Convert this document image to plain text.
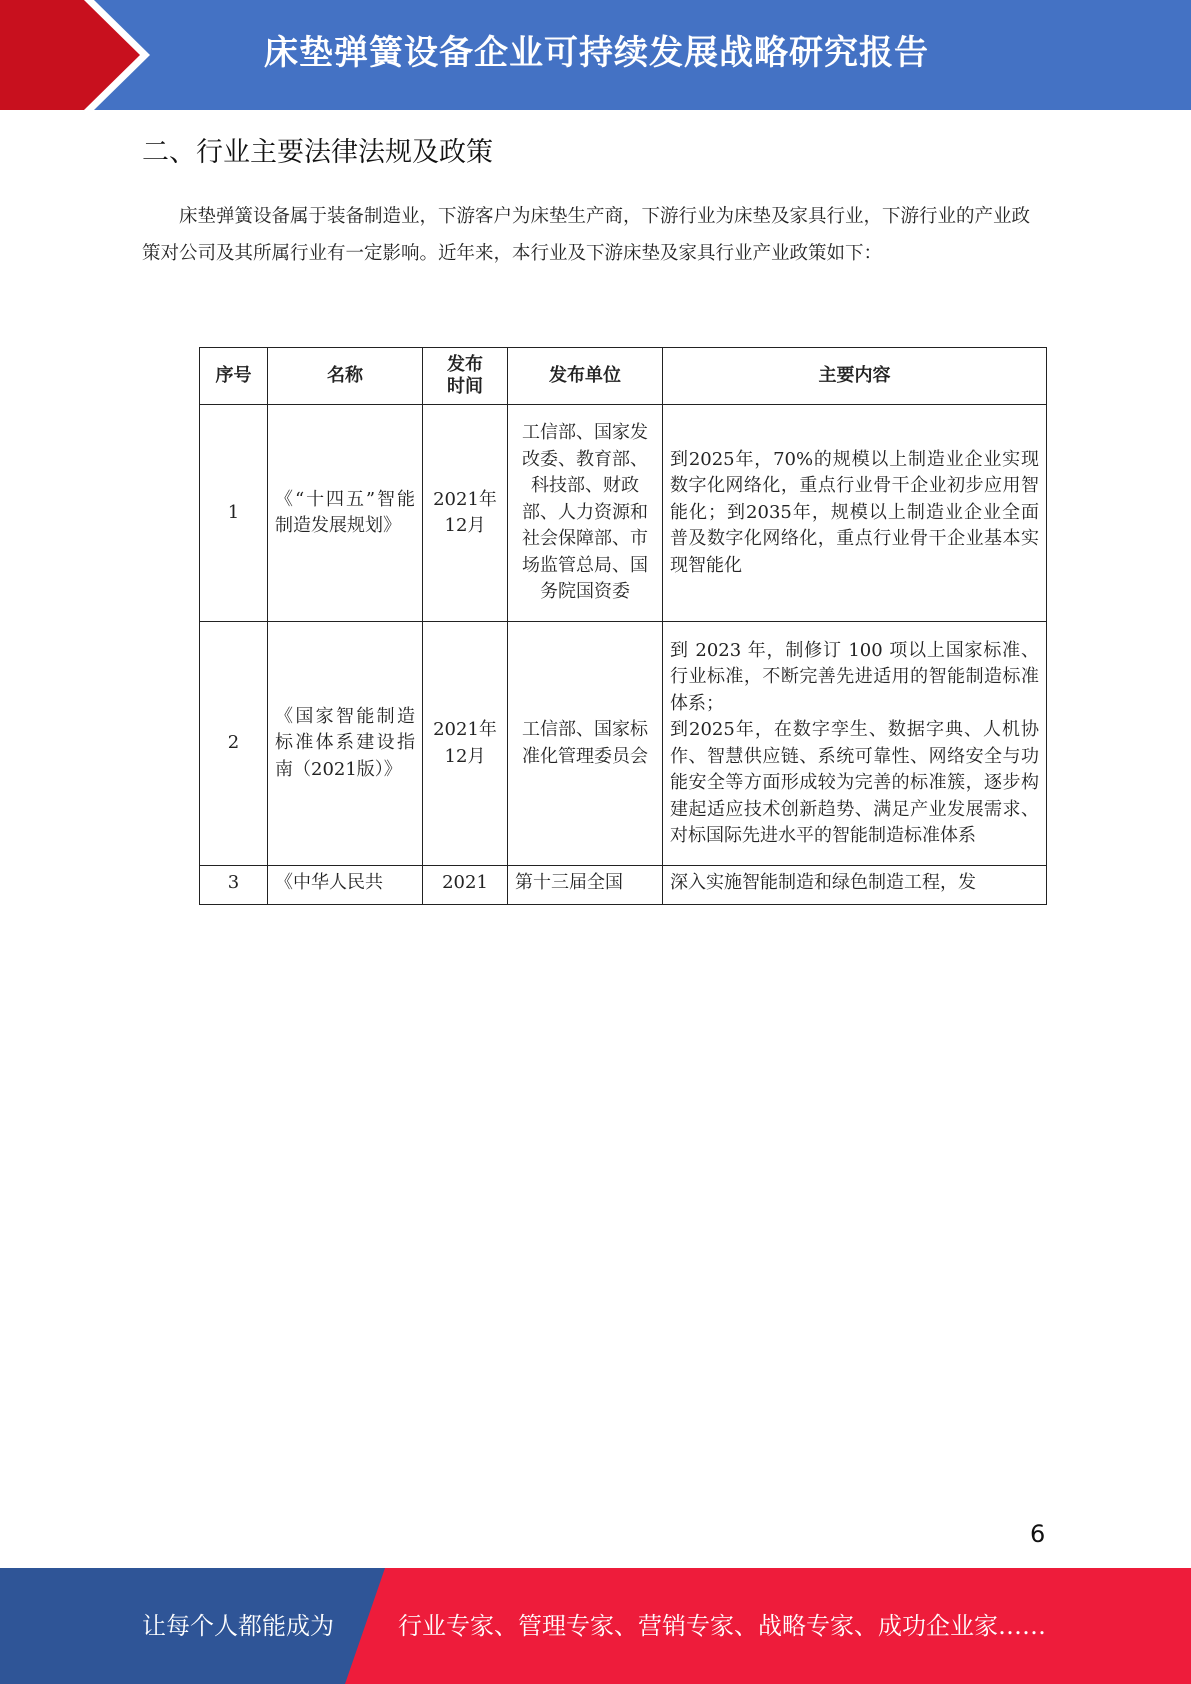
床垫弹簧设备企业可持续发展战略研究报告
二、行业主要法律法规及政策

床垫弹簧设备属于装备制造业，下游客户为床垫生产商，下游行业为床垫及家具行业，下游行业的产业政策对公司及其所属行业有一定影响。近年来，本行业及下游床垫及家具行业产业政策如下：

序号	名称	发布时间	发布单位	主要内容
1	《“十四五”智能制造发展规划》	2021年12月	工信部、国家发改委、教育部、科技部、财政部、人力资源和社会保障部、市场监管总局、国务院国资委	到2025年，70%的规模以上制造业企业实现数字化网络化，重点行业骨干企业初步应用智能化；到2035年，规模以上制造业企业全面普及数字化网络化，重点行业骨干企业基本实现智能化
2	《国家智能制造标准体系建设指南（2021版）》	2021年12月	工信部、国家标准化管理委员会	到 2023 年，制修订 100 项以上国家标准、行业标准，不断完善先进适用的智能制造标准体系；
到2025年，在数字孪生、数据字典、人机协作、智慧供应链、系统可靠性、网络安全与功能安全等方面形成较为完善的标准簇，逐步构建起适应技术创新趋势、满足产业发展需求、对标国际先进水平的智能制造标准体系

3	《中华人民共	2021	第十三届全国	深入实施智能制造和绿色制造工程，发
6
让每个人都能成为	行业专家、管理专家、营销专家、战略专家、成功企业家……
